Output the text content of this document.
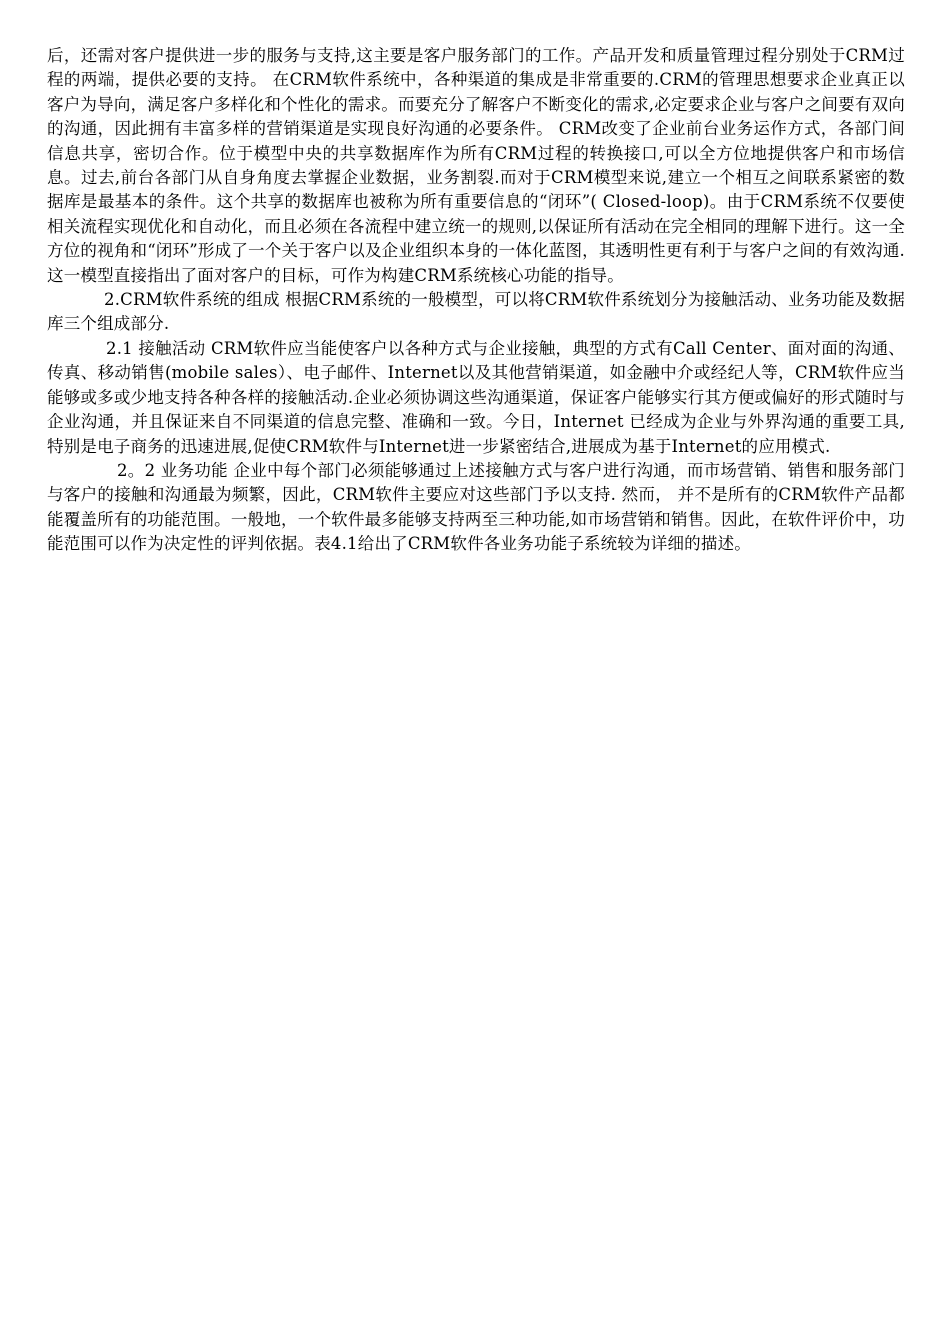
后，还需对客户提供进一步的服务与支持,这主要是客户服务部门的工作。产品开发和质量管理过程分别处于CRM过程的两端，提供必要的支持。 在CRM软件系统中，各种渠道的集成是非常重要的.CRM的管理思想要求企业真正以客户为导向，满足客户多样化和个性化的需求。而要充分了解客户不断变化的需求,必定要求企业与客户之间要有双向的沟通，因此拥有丰富多样的营销渠道是实现良好沟通的必要条件。 CRM改变了企业前台业务运作方式，各部门间信息共享，密切合作。位于模型中央的共享数据库作为所有CRM过程的转换接口,可以全方位地提供客户和市场信息。过去,前台各部门从自身角度去掌握企业数据，业务割裂.而对于CRM模型来说,建立一个相互之间联系紧密的数据库是最基本的条件。这个共享的数据库也被称为所有重要信息的“闭环”( Closed-loop)。由于CRM系统不仅要使相关流程实现优化和自动化，而且必须在各流程中建立统一的规则,以保证所有活动在完全相同的理解下进行。这一全方位的视角和“闭环”形成了一个关于客户以及企业组织本身的一体化蓝图，其透明性更有利于与客户之间的有效沟通.这一模型直接指出了面对客户的目标，可作为构建CRM系统核心功能的指导。

2.CRM软件系统的组成 根据CRM系统的一般模型，可以将CRM软件系统划分为接触活动、业务功能及数据库三个组成部分.

2.1 接触活动 CRM软件应当能使客户以各种方式与企业接触，典型的方式有Call Center、面对面的沟通、传真、移动销售(mobile sales）、电子邮件、Internet以及其他营销渠道，如金融中介或经纪人等，CRM软件应当能够或多或少地支持各种各样的接触活动.企业必须协调这些沟通渠道，保证客户能够实行其方便或偏好的形式随时与企业沟通，并且保证来自不同渠道的信息完整、准确和一致。今日，Internet 已经成为企业与外界沟通的重要工具,特别是电子商务的迅速进展,促使CRM软件与Internet进一步紧密结合,进展成为基于Internet的应用模式.

2。2 业务功能 企业中每个部门必须能够通过上述接触方式与客户进行沟通，而市场营销、销售和服务部门与客户的接触和沟通最为频繁，因此，CRM软件主要应对这些部门予以支持. 然而， 并不是所有的CRM软件产品都能覆盖所有的功能范围。一般地，一个软件最多能够支持两至三种功能,如市场营销和销售。因此，在软件评价中，功能范围可以作为决定性的评判依据。表4.1给出了CRM软件各业务功能子系统较为详细的描述。
